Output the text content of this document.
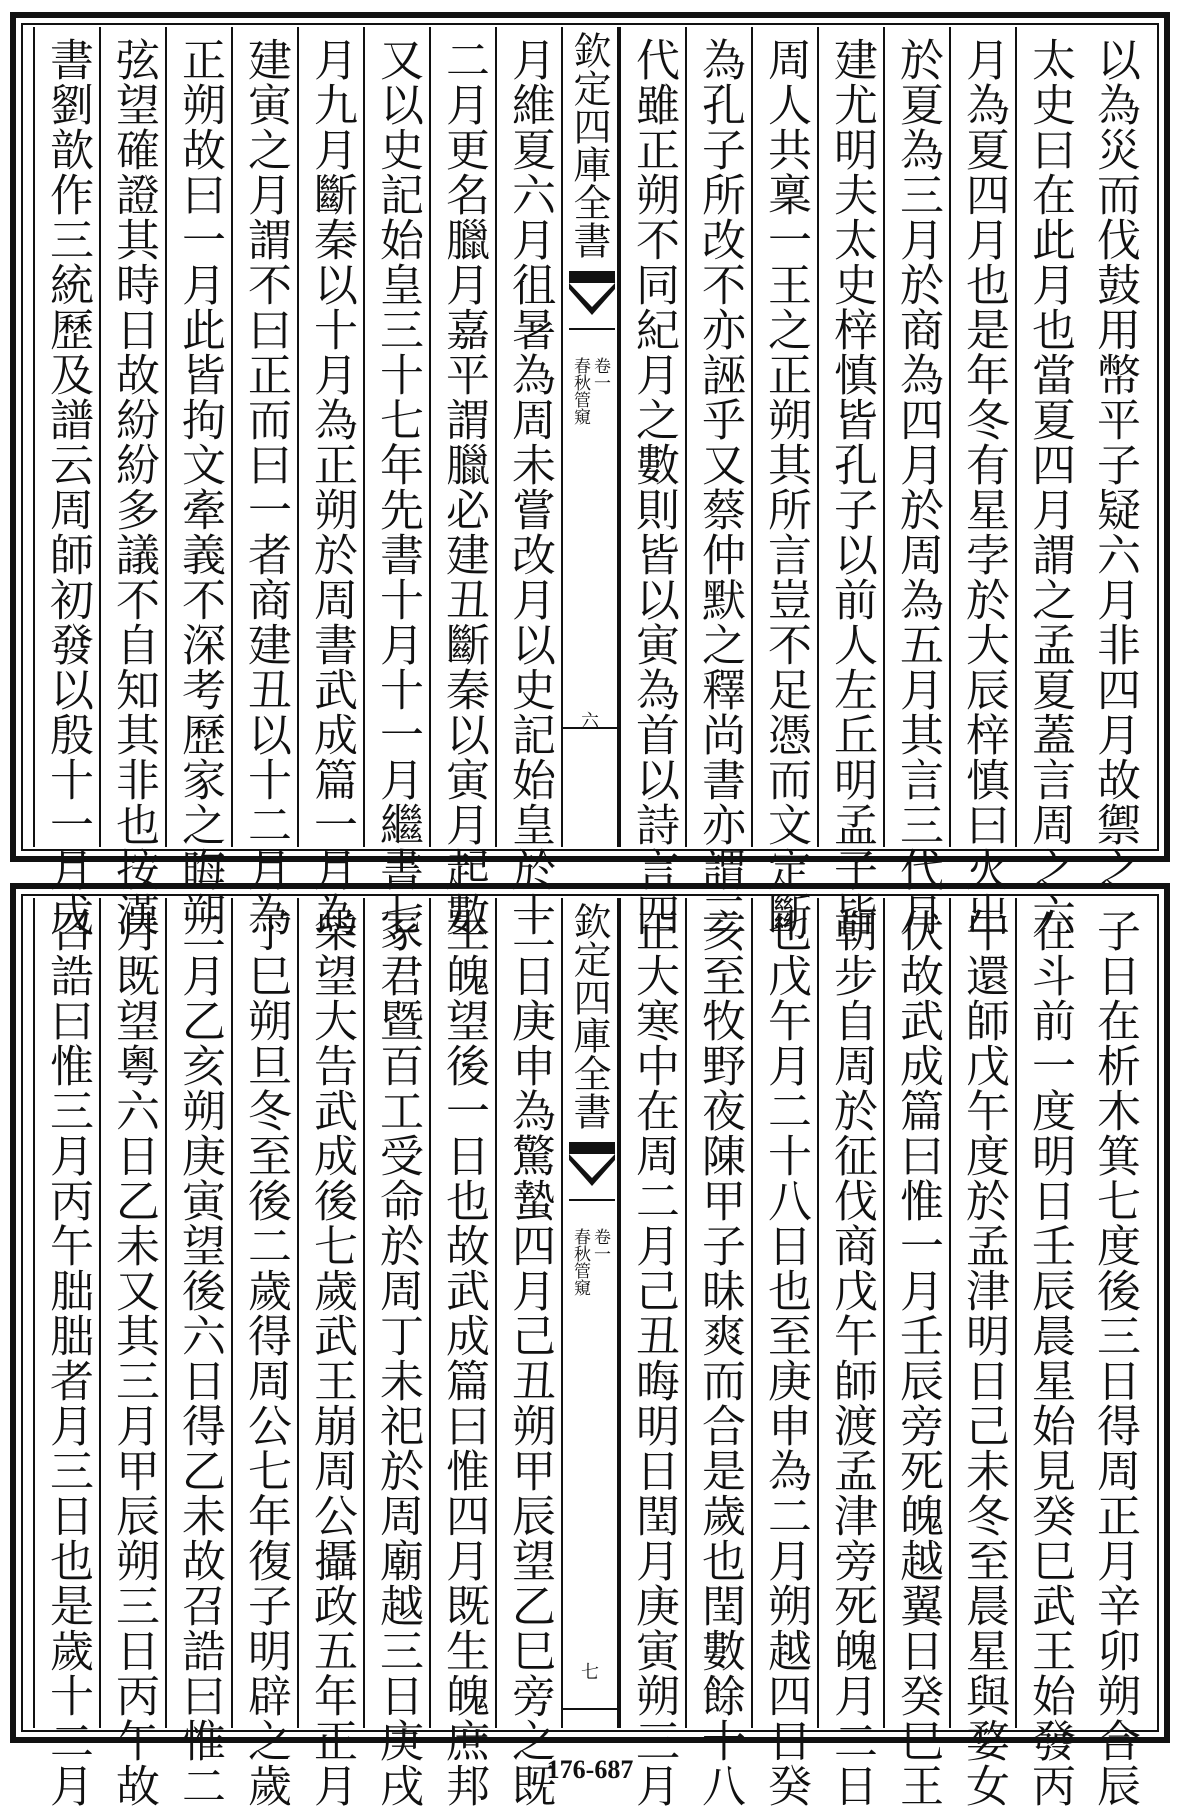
以為災而伐鼓用幣平子疑六月非四月故禦之
太史曰在此月也當夏四月謂之孟夏蓋言周之六
月為夏四月也是年冬有星孛於大辰梓慎曰火出
於夏為三月於商為四月於周為五月其言三代月
建尤明夫太史梓慎皆孔子以前人左丘明孟子皆
周人共稟一王之正朔其所言豈不足憑而文定斷
為孔子所改不亦誣乎又蔡仲默之釋尚書亦謂三
代雖正朔不同紀月之數則皆以寅為首以詩言四
欽定四庫全書
春秋管窺 卷一
六
月維夏六月徂暑為周未嘗改月以史記始皇於十
二月更名臘月嘉平謂臘必建丑斷秦以寅月起數
又以史記始皇三十七年先書十月十一月繼書七
月九月斷秦以十月為正朔於周書武成篇一月為
建寅之月謂不曰正而曰一者商建丑以十二月為
正朔故曰一月此皆拘文牽義不深考歷家之晦朔
弦望確證其時日故紛紛多議不自知其非也按漢
書劉歆作三統歷及譜云周師初發以殷十一月戊
子日在析木箕七度後三日得周正月辛卯朔合辰
在斗前一度明日壬辰晨星始見癸巳武王始發丙
午還師戊午度於孟津明日己未冬至晨星與婺女
伏故武成篇曰惟一月壬辰旁死魄越翼日癸巳王
朝步自周於征伐商戊午師渡孟津旁死魄月二日
也戊午月二十八日也至庚申為二月朔越四日癸
亥至牧野夜陳甲子昧爽而合是歲也閏數餘十八
正大寒中在周二月己丑晦明日閏月庚寅朔三月
欽定四庫全書
春秋管窺 卷一
七
二日庚申為驚蟄四月己丑朔甲辰望乙巳旁之既
生魄望後一日也故武成篇曰惟四月既生魄庶邦
冢君暨百工受命於周丁未祀於周廟越三日庚戌
柴望大告武成後七歲武王崩周公攝政五年正月
丁巳朔旦冬至後二歲得周公七年復子明辟之歲
二月乙亥朔庚寅望後六日得乙未故召誥曰惟二
月既望粵六日乙未又其三月甲辰朔三日丙午故
召誥曰惟三月丙午朏朏者月三日也是歲十二月	176-687
